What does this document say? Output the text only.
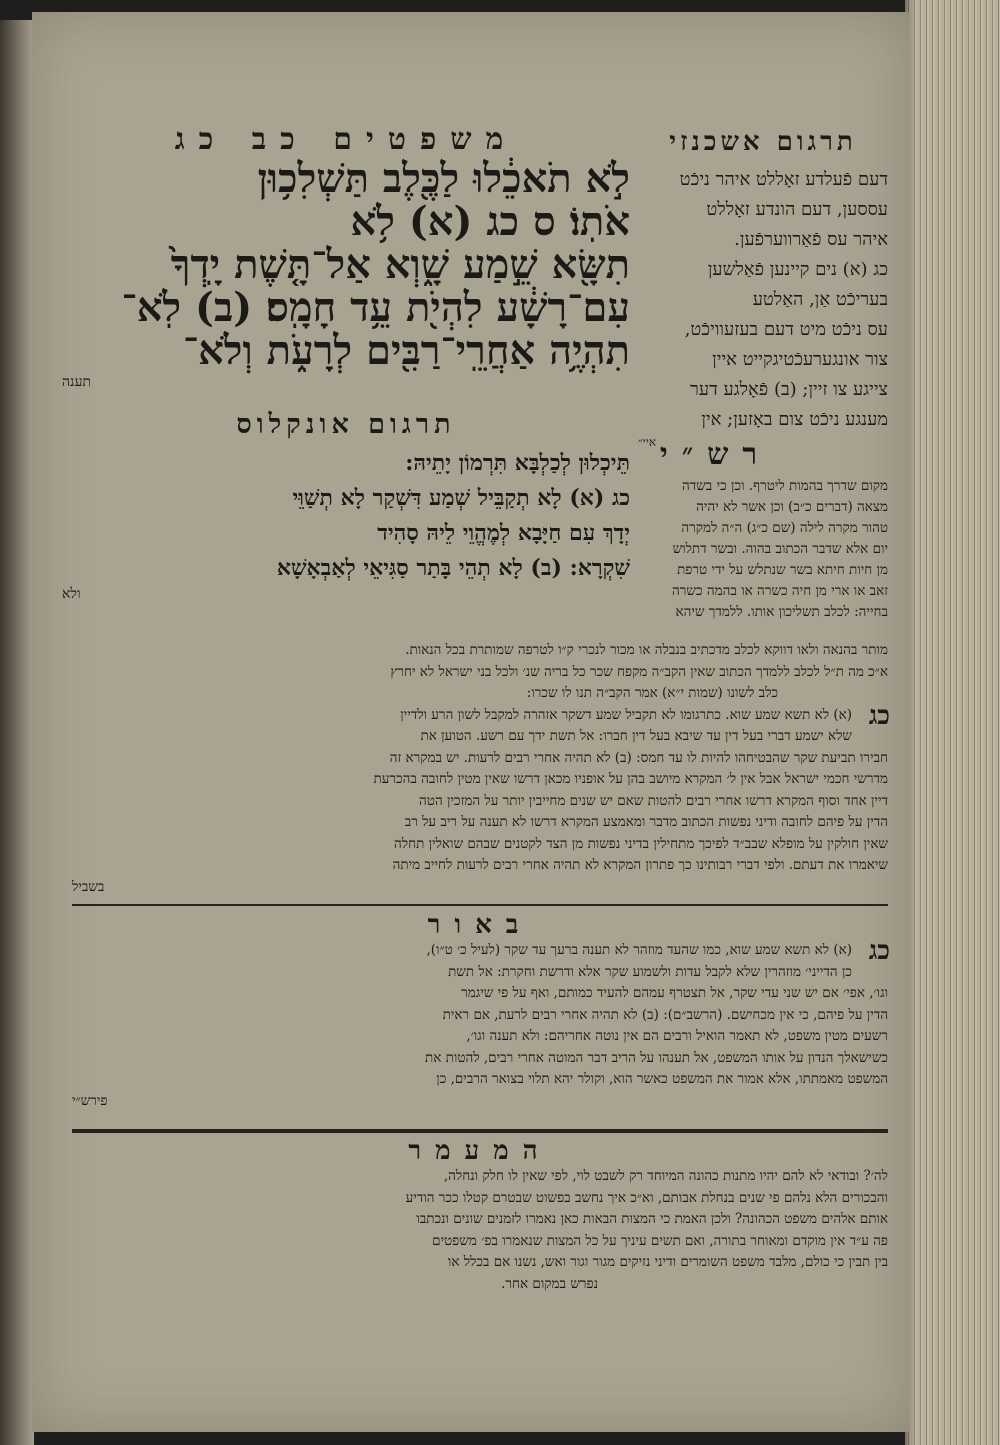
תרגום אשכנזי
דעם פֿעלדע זאָללט איהר ניכֿט
עססען, דעם הונדע זאָללט
איהר עס פֿאַרווערפֿען.
כג (א) נים קיינען פֿאַלשען
בעריכֿט אַן, האַלטע
עס ניכֿט מיט דעם בעזעוויכֿט,
צור אונגערעכֿטיגקייט איין
צייגע צו זיין; (ב) פֿאָלגע דער
מענגע ניכֿט צום באָזען; אין
איי״
משפטים כב כג
לֹ֣א תֹאכֵ֔לוּ לַכֶּ֖לֶב תַּשְׁלִכ֥וּן
אֹתֽוֹ׃ ס כג (א) לֹ֥א
תִשָּׂ֖א שֵׁ֣מַע שָׁ֑וְא אַל־תָּ֤שֶׁת יָֽדְךָ֙
עִם־רָשָׁ֔ע לִהְיֹ֖ת עֵ֥ד חָמָֽס׃ (ב) לֹֽא־
תִהְיֶ֥ה אַחֲרֵֽי־רַבִּ֖ים לְרָעֹ֑ת וְלֹא־
תענה
תרגום אונקלוס
תֵּיכְלוּן לְכַלְבָּא תִּרְמוֹן יָתֵיהּ:
כג (א) לָא תְקַבֵּיל שְׁמַע דִּשְׁקַר לָא תְשַׁוֵּי
יְדָךְ עִם חַיָּבָא לְמֶהֱוֵי לֵיהּ סָהִיד
שִׁקְרָא: (ב) לָא תְהֵי בָּתַר סַגִּיאֵי לְאַבְאָשָׁא
ולא
רש״י
מקום שדרך בהמות ליטרף. וכן כי בשדה
מצאה (דברים כ״ב) וכן אשר לא יהיה
טהור מקרה לילה (שם כ״ג) ה״ה למקרה
יום אלא שדבר הכתוב בהוה. ובשר דתלוש
מן חיות חיתא בשר שנתלש על ידי טרפת
זאב או ארי מן חיה כשרה או בהמה כשרה
בחייה: לכלב תשליכון אותו. ללמדך שיהא
מותר בהנאה ולאו דווקא לכלב מדכתיב בנבלה או מכור לנכרי ק״ו לטרפה שמותרת בכל הנאות.
א״כ מה ת״ל לכלב ללמדך הכתוב שאין הקב״ה מקפח שכר כל בריה שנ׳ ולכל בני ישראל לא יחרץ
כלב לשונו (שמות י״א) אמר הקב״ה תנו לו שכרו:
כג
(א) לא תשא שמע שוא. כתרגומו לא תקביל שמע דשקר אזהרה למקבל לשון הרע ולדיין
שלא ישמע דברי בעל דין עד שיבא בעל דין חברו: אל תשת ידך עם רשע. הטוען את
חבירו תביעת שקר שהבטיחהו להיות לו עד חמס: (ב) לא תהיה אחרי רבים לרעות. יש במקרא זה
מדרשי חכמי ישראל אבל אין ל׳ המקרא מיושב בהן על אופניו מכאן דרשו שאין מטין לחובה בהכרעת
דיין אחד וסוף המקרא דרשו אחרי רבים להטות שאם יש שנים מחייבין יותר על המזכין הטה
הדין על פיהם לחובה ודיני נפשות הכתוב מדבר ומאמצע המקרא דרשו לא תענה על ריב על רב
שאין חולקין על מופלא שבב״ד לפיכך מתחילין בדיני נפשות מן הצד לקטנים שבהם שואלין תחלה
שיאמרו את דעתם. ולפי דברי רבותינו כך פתרון המקרא לא תהיה אחרי רבים לרעות לחייב מיתה
בשביל
באור
כג
(א) לא תשא שמע שוא, כמו שהעד מוזהר לא תענה ברעך עד שקר (לעיל כ׳ ט״ו),
כן הדייני׳ מוזהרין שלא לקבל עדות ולשמוע שקר אלא ודרשת וחקרת: אל תשת
וגו׳, אפי׳ אם יש שני עדי שקר, אל תצטרף עמהם להעיד כמותם, ואף על פי שיגמר
הדין על פיהם, כי אין מכחישם. (הרשב״ם): (ב) לא תהיה אחרי רבים לרעת, אם ראית
רשעים מטין משפט, לא תאמר הואיל ורבים הם אין נוטה אחריהם: ולא תענה וגו׳,
כשישאלך הנדון על אותו המשפט, אל תענהו על הריב דבר המוטה אחרי רבים, להטות את
המשפט מאמתתו, אלא אמור את המשפט כאשר הוא, וקולר יהא תלוי בצואר הרבים, כן
פירש״י
המעמר
לה׳? ובודאי לא להם יהיו מתנות כהונה המיוחד רק לשבט לוי, לפי שאין לו חלק ונחלה,
והבכורים הלא נלהם פי שנים בנחלת אבותם, וא״כ איך נחשב בפשוט שבטרם קטלו ככר הודיע
אותם אלהים משפט הכהונה? ולכן האמת כי המצות הבאות כאן נאמרו לזמנים שונים ונכתבו
פה ע״ד אין מוקדם ומאוחר בתורה, ואם תשים עיניך על כל המצות שנאמרו בפ׳ משפטים
בין תבין כי כולם, מלבד משפט השומרים ודיני נזיקים מגור וגור ואש, נשנו אם בכלל או
נפרש במקום אחר.
